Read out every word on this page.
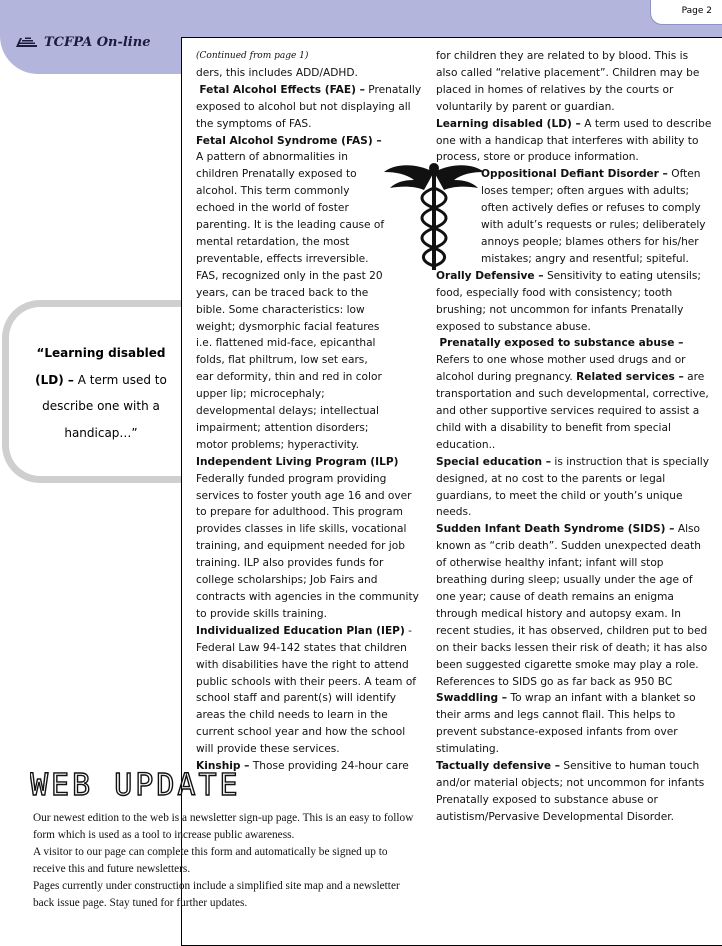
Page 2
TCFPA On-line
“Learning disabled (LD) – A term used to describe one with a handicap…”

(Continued from page 1)

ders, this includes ADD/ADHD.

Fetal Alcohol Effects (FAE) – Prenatally exposed to alcohol but not displaying all the symptoms of FAS.

Fetal Alcohol Syndrome (FAS) – A pattern of abnormalities in children Prenatally exposed to alcohol. This term commonly echoed in the world of foster parenting. It is the leading cause of mental retardation, the most preventable, effects irreversible. FAS, recognized only in the past 20 years, can be traced back to the bible. Some characteristics: low weight; dysmorphic facial features i.e. flattened mid-face, epicanthal folds, flat philtrum, low set ears, ear deformity, thin and red in color upper lip; microcephaly; developmental delays; intellectual impairment; attention disorders; motor problems; hyperactivity.

Independent Living Program (ILP) Federally funded program providing services to foster youth age 16 and over to prepare for adulthood. This program provides classes in life skills, vocational training, and equipment needed for job training. ILP also provides funds for college scholarships; Job Fairs and contracts with agencies in the community to provide skills training.

Individualized Education Plan (IEP) - Federal Law 94-142 states that children with disabilities have the right to attend public schools with their peers. A team of school staff and parent(s) will identify areas the child needs to learn in the current school year and how the school will provide these services.

Kinship – Those providing 24-hour care

for children they are related to by blood. This is also called “relative placement”. Children may be placed in homes of relatives by the courts or voluntarily by parent or guardian.

Learning disabled (LD) – A term used to describe one with a handicap that interferes with ability to process, store or produce information.

Oppositional Defiant Disorder – Often loses temper; often argues with adults; often actively defies or refuses to comply with adult’s requests or rules; deliberately annoys people; blames others for his/her mistakes; angry and resentful; spiteful.

Orally Defensive – Sensitivity to eating utensils; food, especially food with consistency; tooth brushing; not uncommon for infants Prenatally exposed to substance abuse.

Prenatally exposed to substance abuse – Refers to one whose mother used drugs and or alcohol during pregnancy. Related services – are transportation and such developmental, corrective, and other supportive services required to assist a child with a disability to benefit from special education..

Special education – is instruction that is specially designed, at no cost to the parents or legal guardians, to meet the child or youth’s unique needs.

Sudden Infant Death Syndrome (SIDS) – Also known as “crib death”. Sudden unexpected death of otherwise healthy infant; infant will stop breathing during sleep; usually under the age of one year; cause of death remains an enigma through medical history and autopsy exam. In recent studies, it has observed, children put to bed on their backs lessen their risk of death; it has also been suggested cigarette smoke may play a role. References to SIDS go as far back as 950 BC

Swaddling – To wrap an infant with a blanket so their arms and legs cannot flail. This helps to prevent substance-exposed infants from over stimulating.

Tactually defensive – Sensitive to human touch and/or material objects; not uncommon for infants Prenatally exposed to substance abuse or autistism/Pervasive Developmental Disorder.

WEB UPDATE

Our newest edition to the web is a newsletter sign-up page. This is an easy to follow form which is used as a tool to increase public awareness.

A visitor to our page can complete this form and automatically be signed up to receive this and future newsletters.

Pages currently under construction include a simplified site map and a newsletter back issue page. Stay tuned for further updates.
